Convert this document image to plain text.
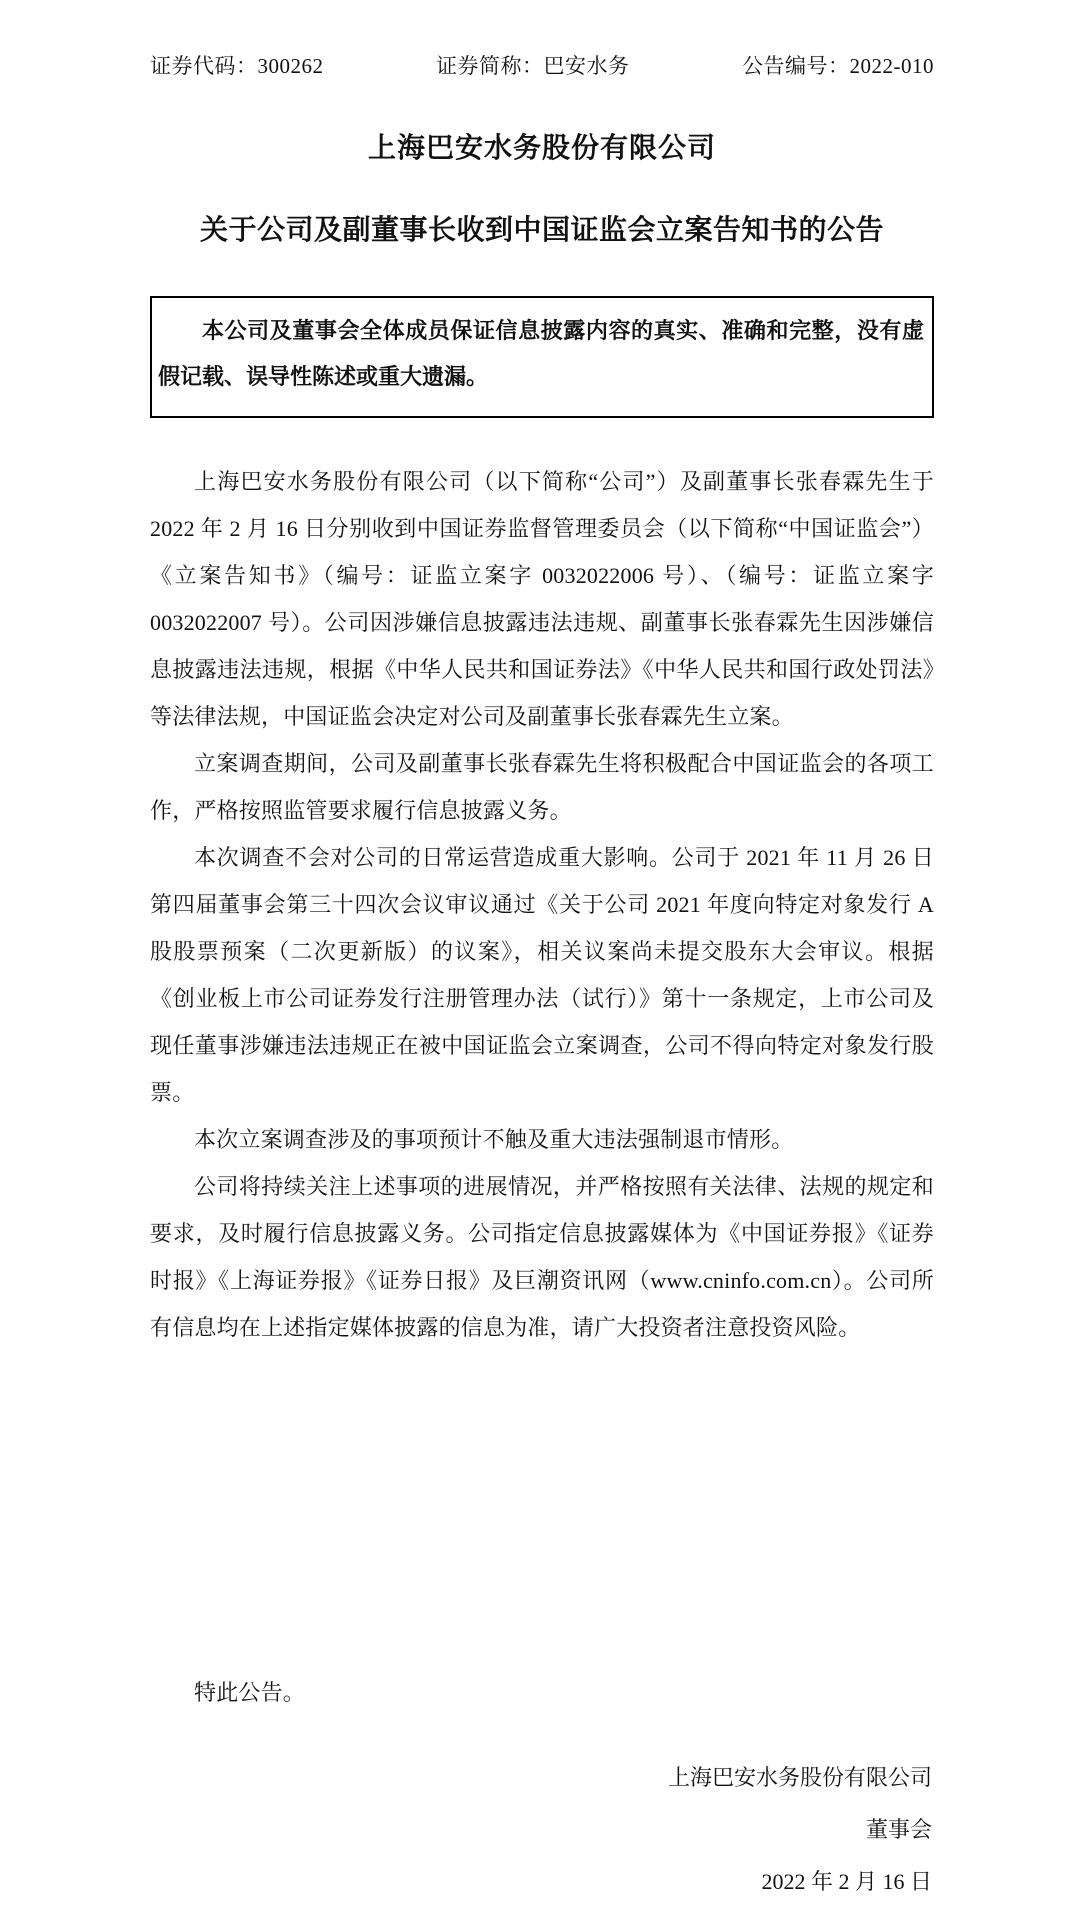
证券代码：300262	证券简称：巴安水务	公告编号：2022-010
上海巴安水务股份有限公司
关于公司及副董事长收到中国证监会立案告知书的公告

本公司及董事会全体成员保证信息披露内容的真实、准确和完整，没有虚假记载、误导性陈述或重大遗漏。

上海巴安水务股份有限公司（以下简称“公司”）及副董事长张春霖先生于 2022 年 2 月 16 日分别收到中国证券监督管理委员会（以下简称“中国证监会”）《立案告知书》（编号：证监立案字 0032022006 号）、（编号：证监立案字 0032022007 号）。公司因涉嫌信息披露违法违规、副董事长张春霖先生因涉嫌信息披露违法违规，根据《中华人民共和国证券法》《中华人民共和国行政处罚法》等法律法规，中国证监会决定对公司及副董事长张春霖先生立案。

立案调查期间，公司及副董事长张春霖先生将积极配合中国证监会的各项工作，严格按照监管要求履行信息披露义务。

本次调查不会对公司的日常运营造成重大影响。公司于 2021 年 11 月 26 日第四届董事会第三十四次会议审议通过《关于公司 2021 年度向特定对象发行 A 股股票预案（二次更新版）的议案》，相关议案尚未提交股东大会审议。根据《创业板上市公司证券发行注册管理办法（试行）》第十一条规定，上市公司及现任董事涉嫌违法违规正在被中国证监会立案调查，公司不得向特定对象发行股票。

本次立案调查涉及的事项预计不触及重大违法强制退市情形。

公司将持续关注上述事项的进展情况，并严格按照有关法律、法规的规定和要求，及时履行信息披露义务。公司指定信息披露媒体为《中国证券报》《证券时报》《上海证券报》《证券日报》及巨潮资讯网（www.cninfo.com.cn）。公司所有信息均在上述指定媒体披露的信息为准，请广大投资者注意投资风险。

特此公告。

上海巴安水务股份有限公司
董事会
2022 年 2 月 16 日
